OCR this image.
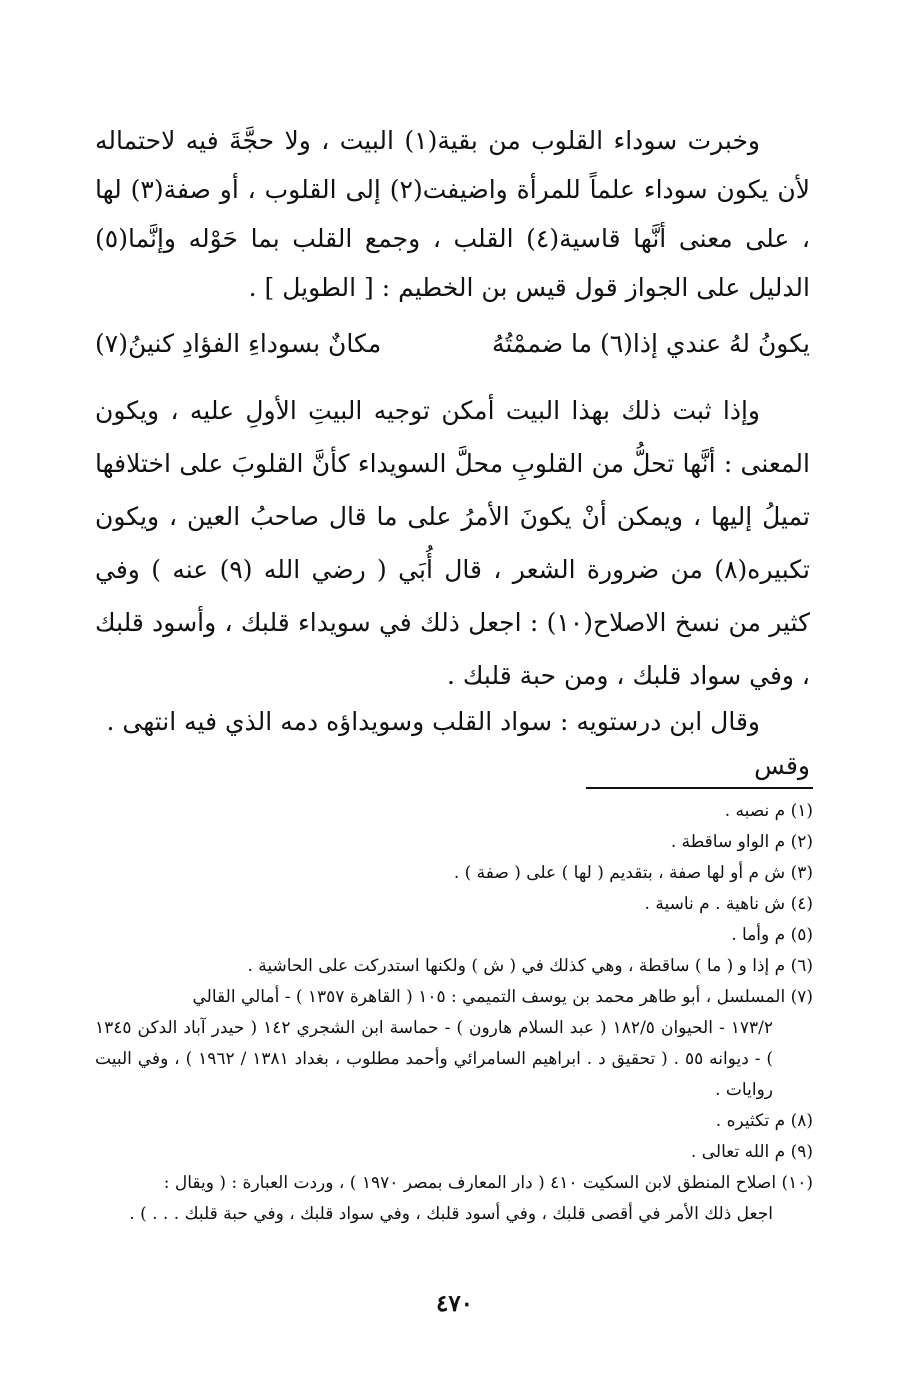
وخبرت سوداء القلوب من بقية(١) البيت ، ولا حجَّةَ فيه لاحتماله لأن يكون سوداء علماً للمرأة واضيفت(٢) إلى القلوب ، أو صفة(٣) لها ، على معنى أنَّها قاسية(٤) القلب ، وجمع القلب بما حَوْله وإنَّما(٥) الدليل على الجواز قول قيس بن الخطيم : [ الطويل ] .

يكونُ لهُ عندي إذا(٦) ما ضممْتُهُ
مكانٌ بسوداءِ الفؤادِ كنينُ(٧)

وإذا ثبت ذلك بهذا البيت أمكن توجيه البيتِ الأولِ عليه ، ويكون المعنى : أنَّها تحلُّ من القلوبِ محلَّ السويداء كأنَّ القلوبَ على اختلافها تميلُ إليها ، ويمكن أنْ يكونَ الأمرُ على ما قال صاحبُ العين ، ويكون تكبيره(٨) من ضرورة الشعر ، قال أُبَي ( رضي الله (٩) عنه ) وفي كثير من نسخ الاصلاح(١٠) : اجعل ذلك في سويداء قلبك ، وأسود قلبك ، وفي سواد قلبك ، ومن حبة قلبك .

وقال ابن درستويه : سواد القلب وسويداؤه دمه الذي فيه انتهى . وقس

(١) م نصبه .

(٢) م الواو ساقطة .

(٣) ش م أو لها صفة ، بتقديم ( لها ) على ( صفة ) .

(٤) ش ناهية . م ناسية .

(٥) م وأما .

(٦) م إذا و ( ما ) ساقطة ، وهي كذلك في ( ش ) ولكنها استدركت على الحاشية .

(٧) المسلسل ، أبو طاهر محمد بن يوسف التميمي : ١٠٥ ( القاهرة ١٣٥٧ ) - أمالي القالي
١٧٣/٢ - الحيوان ١٨٢/٥ ( عبد السلام هارون ) - حماسة ابن الشجري ١٤٢ ( حيدر آباد الدكن ١٣٤٥ ) - ديوانه ٥٥ . ( تحقيق د . ابراهيم السامرائي وأحمد مطلوب ، بغداد ١٣٨١ / ١٩٦٢ ) ، وفي البيت روايات .

(٨) م تكثيره .

(٩) م الله تعالى .

(١٠) اصلاح المنطق لابن السكيت ٤١٠ ( دار المعارف بمصر ١٩٧٠ ) ، وردت العبارة : ( ويقال :
اجعل ذلك الأمر في أقصى قلبك ، وفي أسود قلبك ، وفي سواد قلبك ، وفي حبة قلبك . . . ) .

٤٧٠
